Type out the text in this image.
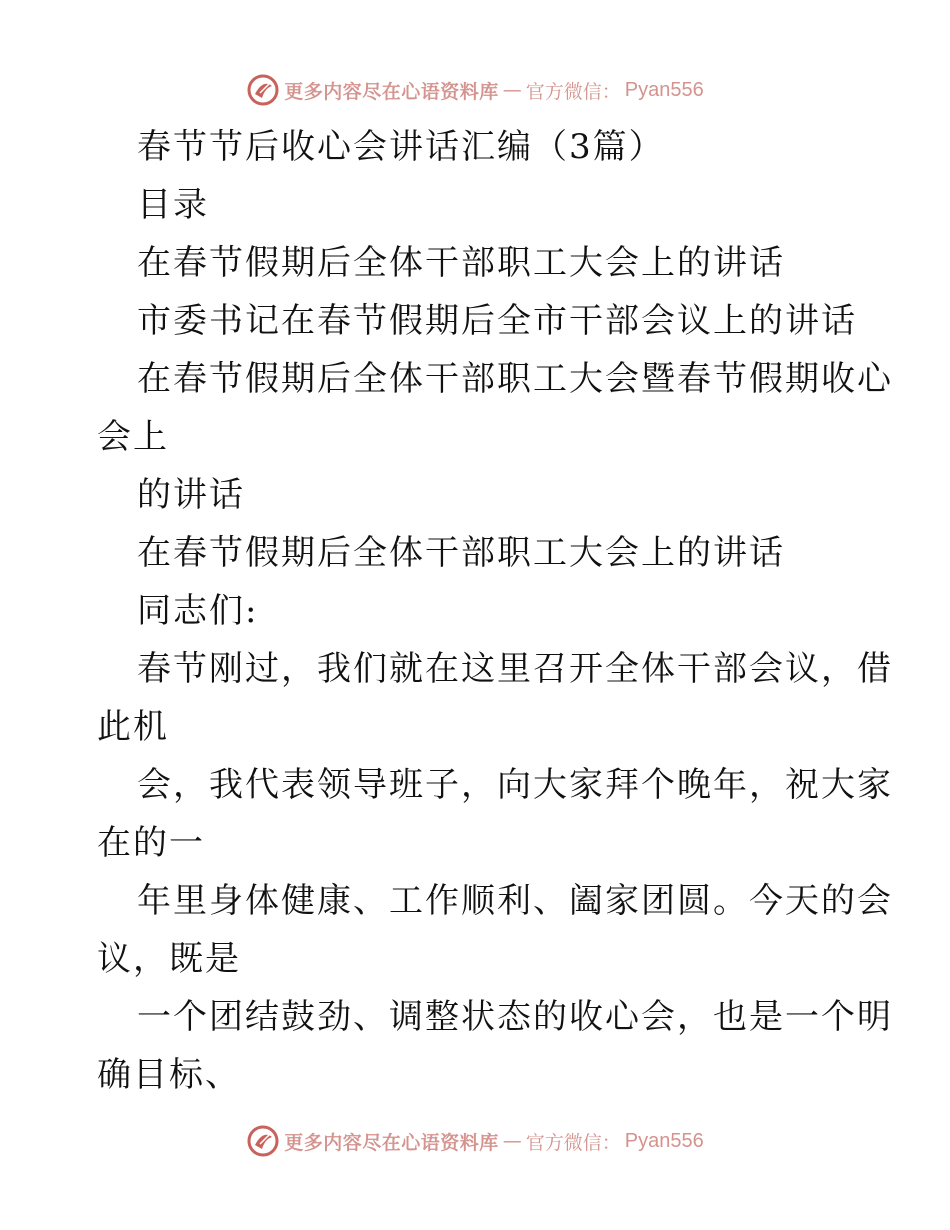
更多内容尽在心语资料库 — 官方微信： Pyan556
春节节后收心会讲话汇编（3篇）
目录
在春节假期后全体干部职工大会上的讲话
市委书记在春节假期后全市干部会议上的讲话
在春节假期后全体干部职工大会暨春节假期收心
会上
的讲话
在春节假期后全体干部职工大会上的讲话
同志们:
春节刚过，我们就在这里召开全体干部会议，借
此机
会，我代表领导班子，向大家拜个晚年，祝大家
在的一
年里身体健康、工作顺利、阖家团圆。今天的会
议，既是
一个团结鼓劲、调整状态的收心会，也是一个明
确目标、
更多内容尽在心语资料库 — 官方微信： Pyan556
